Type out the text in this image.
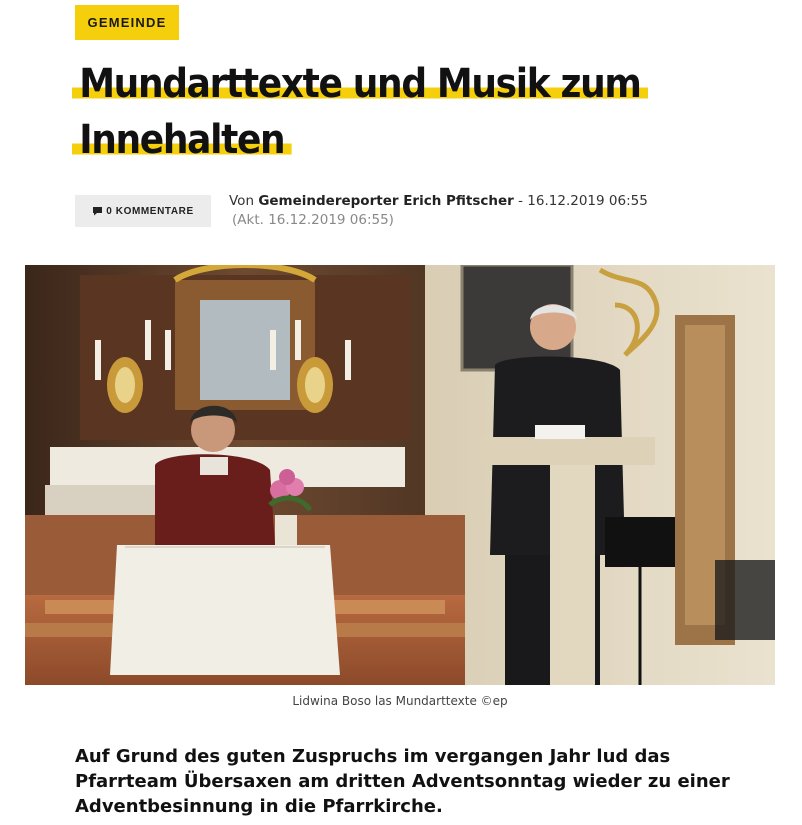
GEMEINDE
Mundarttexte und Musik zum
Innehalten
0 KOMMENTARE
Von Gemeindereporter Erich Pfitscher - 16.12.2019 06:55
(Akt. 16.12.2019 06:55)
Lidwina Boso las Mundarttexte ©ep

Auf Grund des guten Zuspruchs im vergangen Jahr lud das Pfarrteam Übersaxen am dritten Adventsonntag wieder zu einer Adventbesinnung in die Pfarrkirche.
